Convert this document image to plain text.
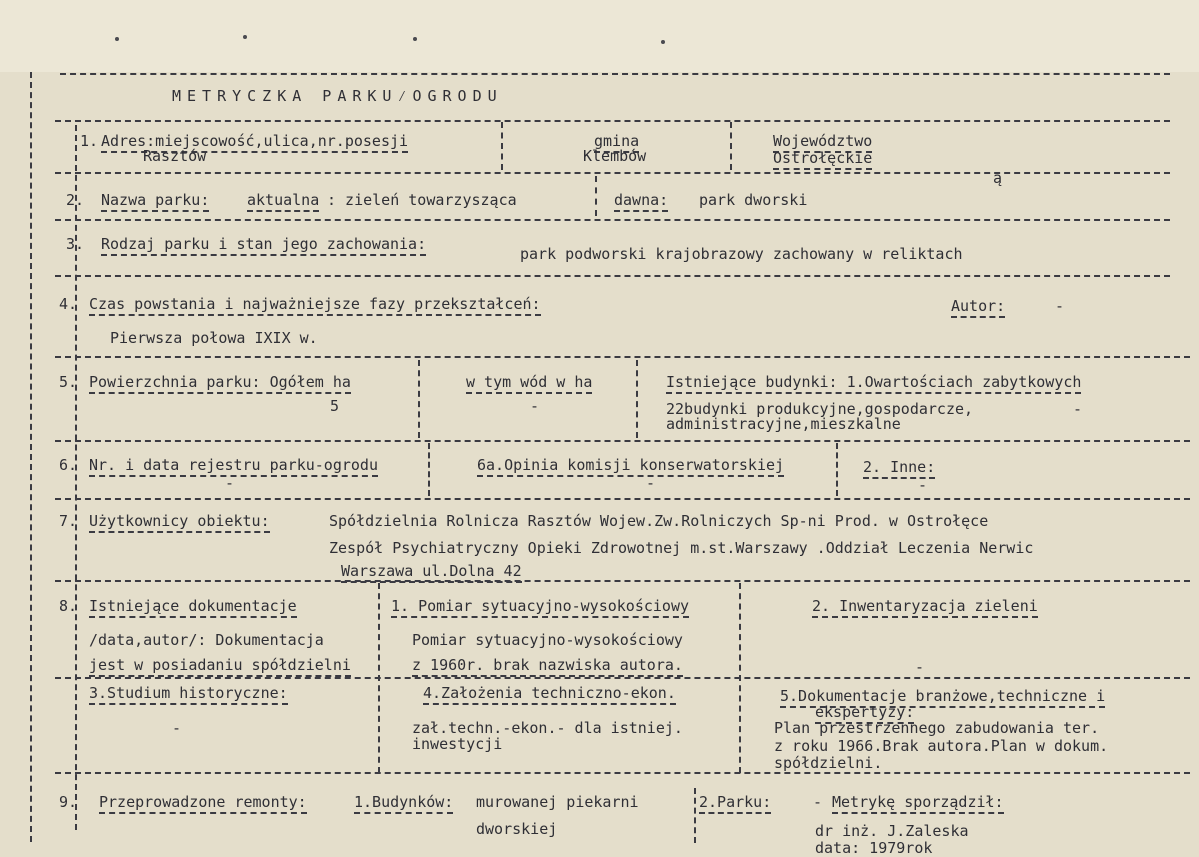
METRYCZKA PARKU⁄OGRODU
1. Adres:miejscowość,ulica,nr.posesji
Rasztów
gmina
Klembów
Województwo
Ostrołęckie
ą
2. Nazwa parku:	aktualna : zieleń towarzysząca	dawna: park dworski
3. Rodzaj parku i stan jego zachowania:
park podworski krajobrazowy zachowany w reliktach
4. Czas powstania i najważniejsze fazy przekształceń:	Autor:	-
Pierwsza połowa IXIX w.
5. Powierzchnia parku: Ogółem ha
5
w tym wód w ha
-
Istniejące budynki: 1.Owartościach zabytkowych
22budynki produkcyjne,gospodarcze,
administracyjne,mieszkalne
-
6. Nr. i data rejestru parku-ogrodu
-
6a.Opinia komisji konserwatorskiej
-
2. Inne:
-
7. Użytkownicy obiektu:	Spółdzielnia Rolnicza Rasztów Wojew.Zw.Rolniczych Sp-ni Prod. w Ostrołęce
Zespół Psychiatryczny Opieki Zdrowotnej m.st.Warszawy .Oddział Leczenia Nerwic
Warszawa ul.Dolna 42
8. Istniejące dokumentacje
/data,autor/: Dokumentacja
jest w posiadaniu spółdzielni
1. Pomiar sytuacyjno-wysokościowy
Pomiar sytuacyjno-wysokościowy
z 1960r. brak nazwiska autora.
2. Inwentaryzacja zieleni
-
3.Studium historyczne:
-
4.Założenia techniczno-ekon.
zał.techn.-ekon.- dla istniej.
inwestycji
5.Dokumentacje branżowe,techniczne i
ekspertyzy:
Plan przestrzennego zabudowania ter.
z roku 1966.Brak autora.Plan w dokum.
spółdzielni.
9. Przeprowadzone remonty:	1.Budynków: murowanej piekarni
dworskiej
2.Parku:	- Metrykę sporządził:
dr inż. J.Zaleska
data: 1979rok
